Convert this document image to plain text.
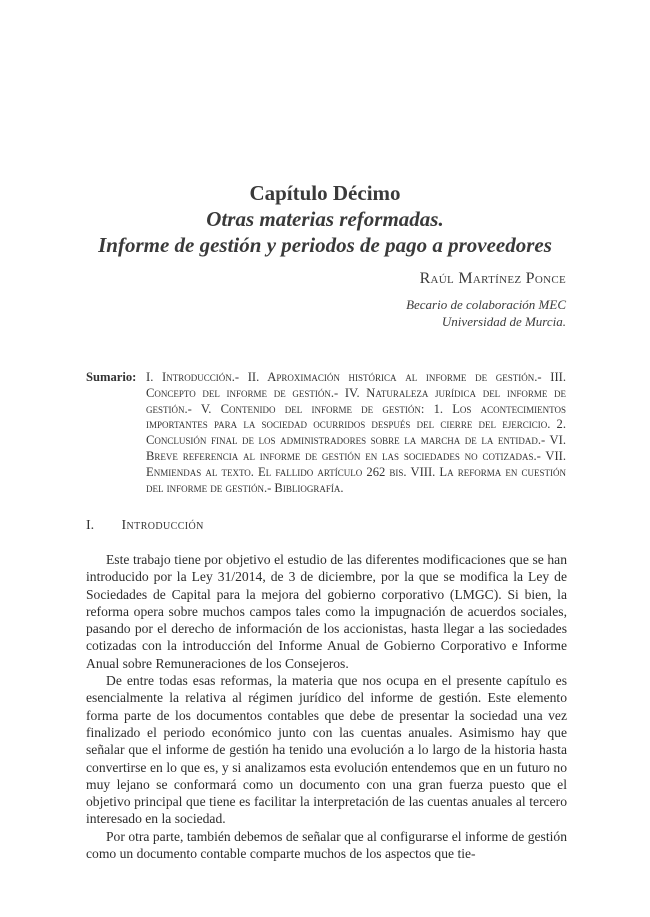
Capítulo Décimo
Otras materias reformadas.
Informe de gestión y periodos de pago a proveedores
Raúl Martínez Ponce
Becario de colaboración MEC
Universidad de Murcia.
Sumario: I. Introducción.- II. Aproximación histórica al informe de gestión.- III. Concepto del informe de gestión.- IV. Naturaleza jurídica del informe de gestión.- V. Contenido del informe de gestión: 1. Los acontecimientos importantes para la sociedad ocurridos después del cierre del ejercicio. 2. Conclusión final de los administradores sobre la marcha de la entidad.- VI. Breve referencia al informe de gestión en las sociedades no cotizadas.- VII. Enmiendas al texto. El fallido artículo 262 bis. VIII. La reforma en cuestión del informe de gestión.- Bibliografía.
I. Introducción

Este trabajo tiene por objetivo el estudio de las diferentes modificaciones que se han introducido por la Ley 31/2014, de 3 de diciembre, por la que se modifica la Ley de Sociedades de Capital para la mejora del gobierno corporativo (LMGC). Si bien, la reforma opera sobre muchos campos tales como la impugnación de acuerdos sociales, pasando por el derecho de información de los accionistas, hasta llegar a las sociedades cotizadas con la introducción del Informe Anual de Gobierno Corporativo e Informe Anual sobre Remuneraciones de los Consejeros.

De entre todas esas reformas, la materia que nos ocupa en el presente capítulo es esencialmente la relativa al régimen jurídico del informe de gestión. Este elemento forma parte de los documentos contables que debe de presentar la sociedad una vez finalizado el periodo económico junto con las cuentas anuales. Asimismo hay que señalar que el informe de gestión ha tenido una evolución a lo largo de la historia hasta convertirse en lo que es, y si analizamos esta evolución entendemos que en un futuro no muy lejano se conformará como un documento con una gran fuerza puesto que el objetivo principal que tiene es facilitar la interpretación de las cuentas anuales al tercero interesado en la sociedad.

Por otra parte, también debemos de señalar que al configurarse el informe de gestión como un documento contable comparte muchos de los aspectos que tie-
